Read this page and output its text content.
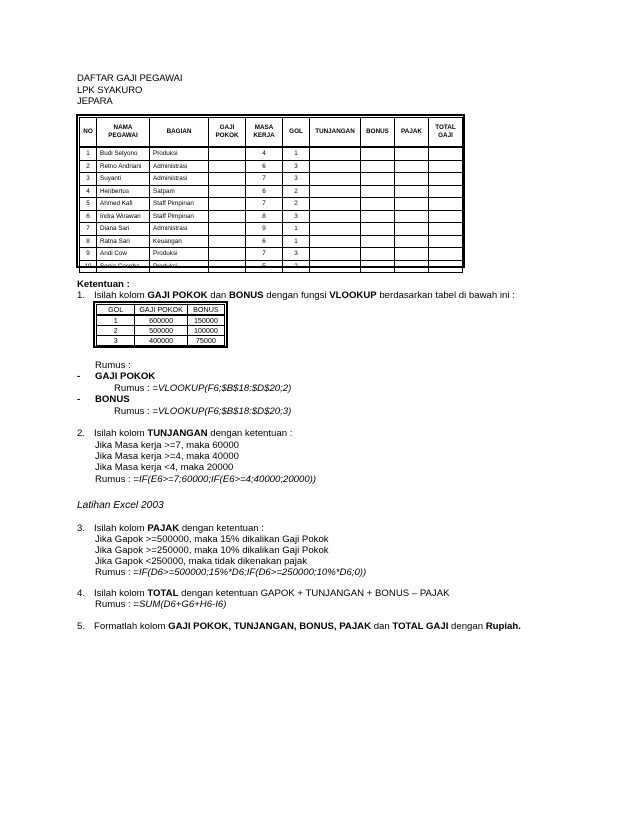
DAFTAR GAJI PEGAWAI
LPK SYAKURO
JEPARA
NO	NAMA PEGAWAI	BAGIAN	GAJI POKOK	MASA KERJA	GOL	TUNJANGAN	BONUS	PAJAK	TOTAL GAJI
1	Budi Setyono	Produksi		4	1				
2	Retno Andriani	Administrasi		6	3				
3	Suyanti	Administrasi		7	3				
4	Heribertus	Satpam		6	2				
5	Ahmed Kafi	Staff Pimpinan		7	2				
6	Indra Wirawan	Staff Pimpinan		8	3				
7	Diana Sari	Administrasi		9	1				
8	Ratna Sari	Keuangan		6	1				
9	Andi Cow	Produksi		7	3				
10	Sonia Cocoba	Produksi		5	2				
Ketentuan :
1. Isilah kolom GAJI POKOK dan BONUS dengan fungsi VLOOKUP berdasarkan tabel di bawah ini :
GOL	GAJI POKOK	BONUS
1	600000	150000
2	500000	100000
3	400000	75000
Rumus :
- GAJI POKOK
Rumus : =VLOOKUP(F6;$B$18:$D$20;2)
- BONUS
Rumus : =VLOOKUP(F6;$B$18:$D$20;3)
2. Isilah kolom TUNJANGAN dengan ketentuan :
Jika Masa kerja >=7, maka 60000
Jika Masa kerja >=4, maka 40000
Jika Masa kerja <4, maka 20000
Rumus : =IF(E6>=7;60000;IF(E6>=4;40000;20000))
Latihan Excel 2003
3. Isilah kolom PAJAK dengan ketentuan :
Jika Gapok >=500000, maka 15% dikalikan Gaji Pokok
Jika Gapok >=250000, maka 10% dikalikan Gaji Pokok
Jika Gapok <250000, maka tidak dikenakan pajak
Rumus : =IF(D6>=500000;15%*D6;IF(D6>=250000;10%*D6;0))
4. Isilah kolom TOTAL dengan ketentuan GAPOK + TUNJANGAN + BONUS – PAJAK
Rumus : =SUM(D6+G6+H6-I6)
5. Formatlah kolom GAJI POKOK, TUNJANGAN, BONUS, PAJAK dan TOTAL GAJI dengan Rupiah.
